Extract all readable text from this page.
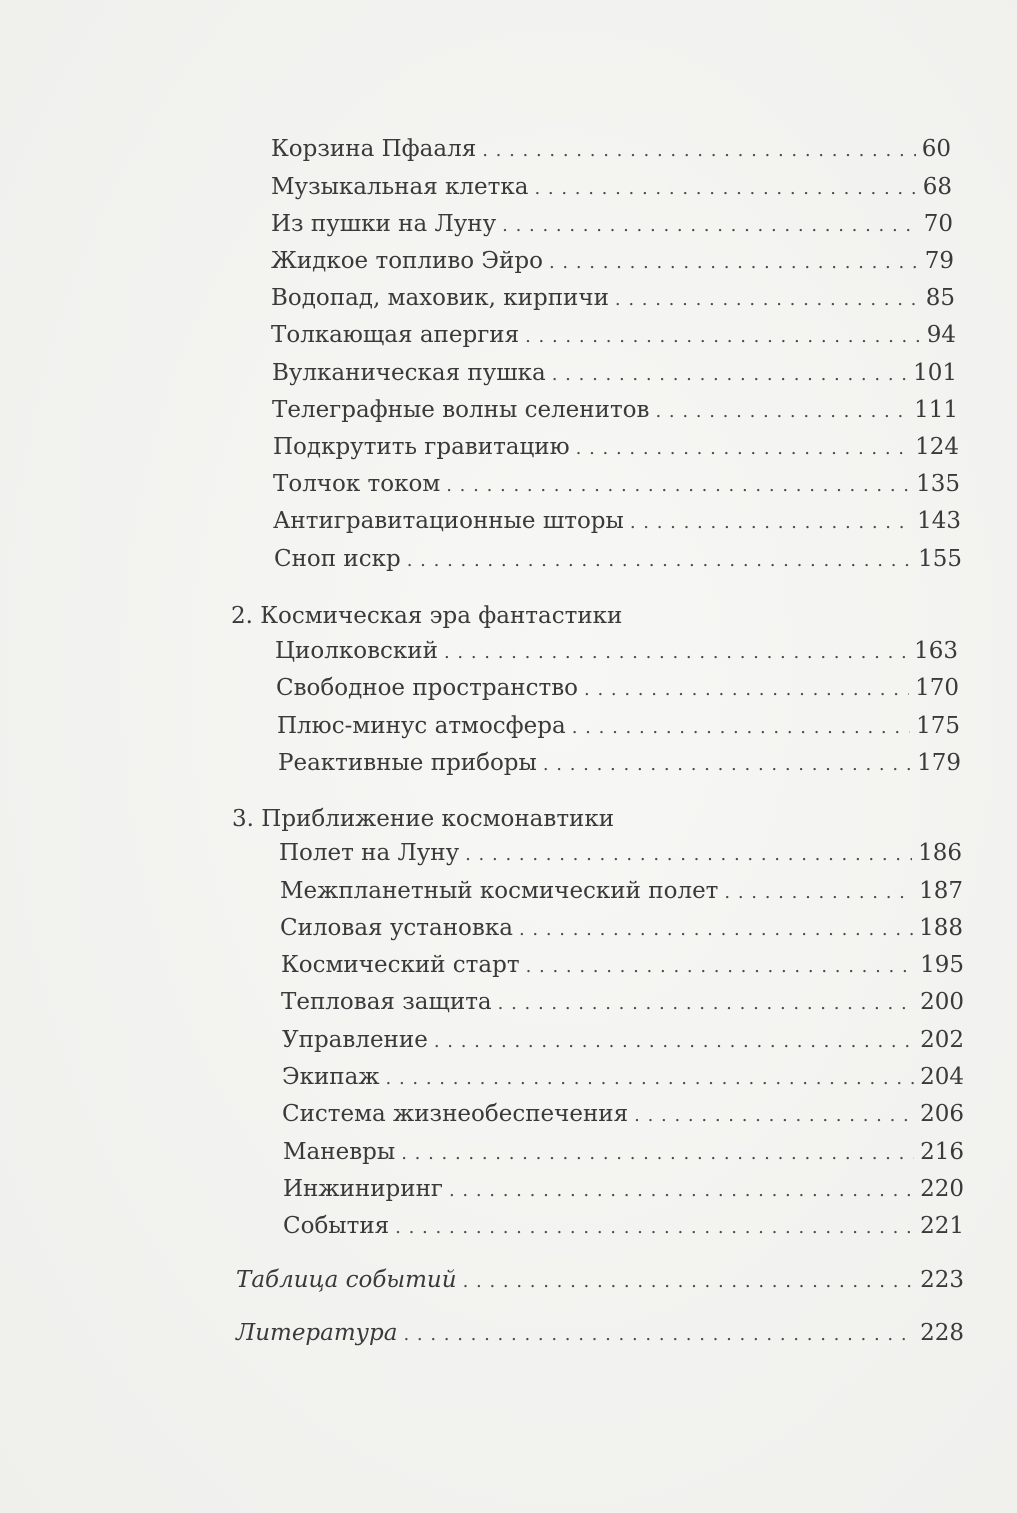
Корзина Пфааля . . .	60
Музыкальная клетка . . .	68
Из пушки на Луну . . .	70
Жидкое топливо Эйро . . .	79
Водопад, маховик, кирпичи . . .	85
Толкающая апергия . . .	94
Вулканическая пушка . . .	101
Телеграфные волны селенитов . . .	111
Подкрутить гравитацию . . .	124
Толчок током . . .	135
Антигравитационные шторы . . .	143
Сноп искр . . .	155
2. Космическая эра фантастики
Циолковский . . .	163
Свободное пространство . . .	170
Плюс-минус атмосфера . . .	175
Реактивные приборы . . .	179
3. Приближение космонавтики
Полет на Луну . . .	186
Межпланетный космический полет . . .	187
Силовая установка . . .	188
Космический старт . . .	195
Тепловая защита . . .	200
Управление . . .	202
Экипаж . . .	204
Система жизнеобеспечения . . .	206
Маневры . . .	216
Инжиниринг . . .	220
События . . .	221
Таблица событий . . .	223
Литература . . .	228
